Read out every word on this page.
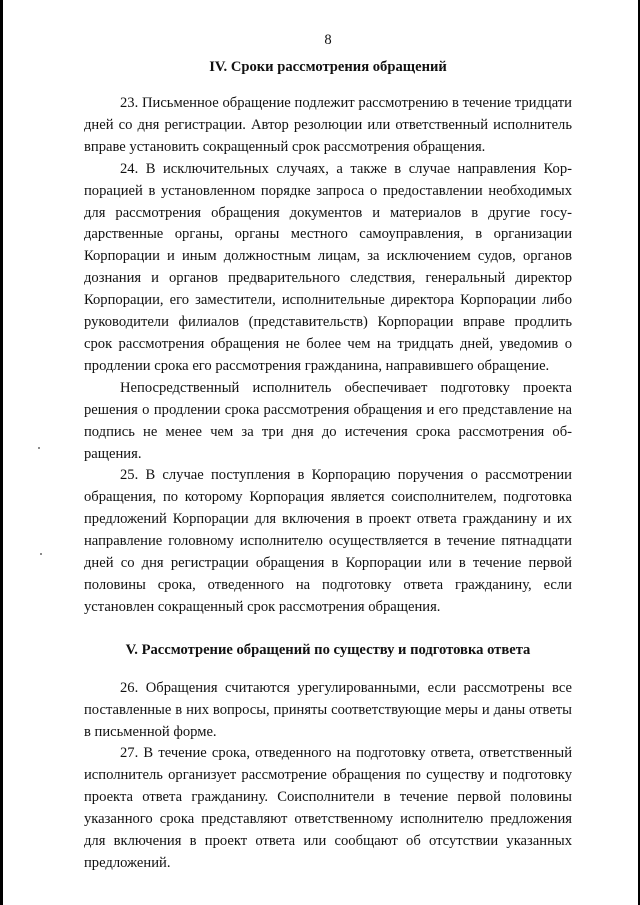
8
IV. Сроки рассмотрения обращений

23. Письменное обращение подлежит рассмотрению в течение тридцати дней со дня регистрации. Автор резолюции или ответственный исполнитель вправе установить сокращенный срок рассмотрения обращения.

24. В исключительных случаях, а также в случае направления Корпорацией в установленном порядке запроса о предоставлении необходимых для рассмотрения обращения документов и материалов в другие государственные органы, органы местного самоуправления, в организации Корпорации и иным должностным лицам, за исключением судов, органов дознания и органов предварительного следствия, генеральный директор Корпорации, его заместители, исполнительные директора Корпорации либо руководители филиалов (представительств) Корпорации вправе продлить срок рассмотрения обращения не более чем на тридцать дней, уведомив о продлении срока его рассмотрения гражданина, направившего обращение.

Непосредственный исполнитель обеспечивает подготовку проекта решения о продлении срока рассмотрения обращения и его представление на подпись не менее чем за три дня до истечения срока рассмотрения обращения.

25. В случае поступления в Корпорацию поручения о рассмотрении обращения, по которому Корпорация является соисполнителем, подготовка предложений Корпорации для включения в проект ответа гражданину и их направление головному исполнителю осуществляется в течение пятнадцати дней со дня регистрации обращения в Корпорации или в течение первой половины срока, отведенного на подготовку ответа гражданину, если установлен сокращенный срок рассмотрения обращения.

V. Рассмотрение обращений по существу и подготовка ответа

26. Обращения считаются урегулированными, если рассмотрены все поставленные в них вопросы, приняты соответствующие меры и даны ответы в письменной форме.

27. В течение срока, отведенного на подготовку ответа, ответственный исполнитель организует рассмотрение обращения по существу и подготовку проекта ответа гражданину. Соисполнители в течение первой половины указанного срока представляют ответственному исполнителю предложения для включения в проект ответа или сообщают об отсутствии указанных предложений.
